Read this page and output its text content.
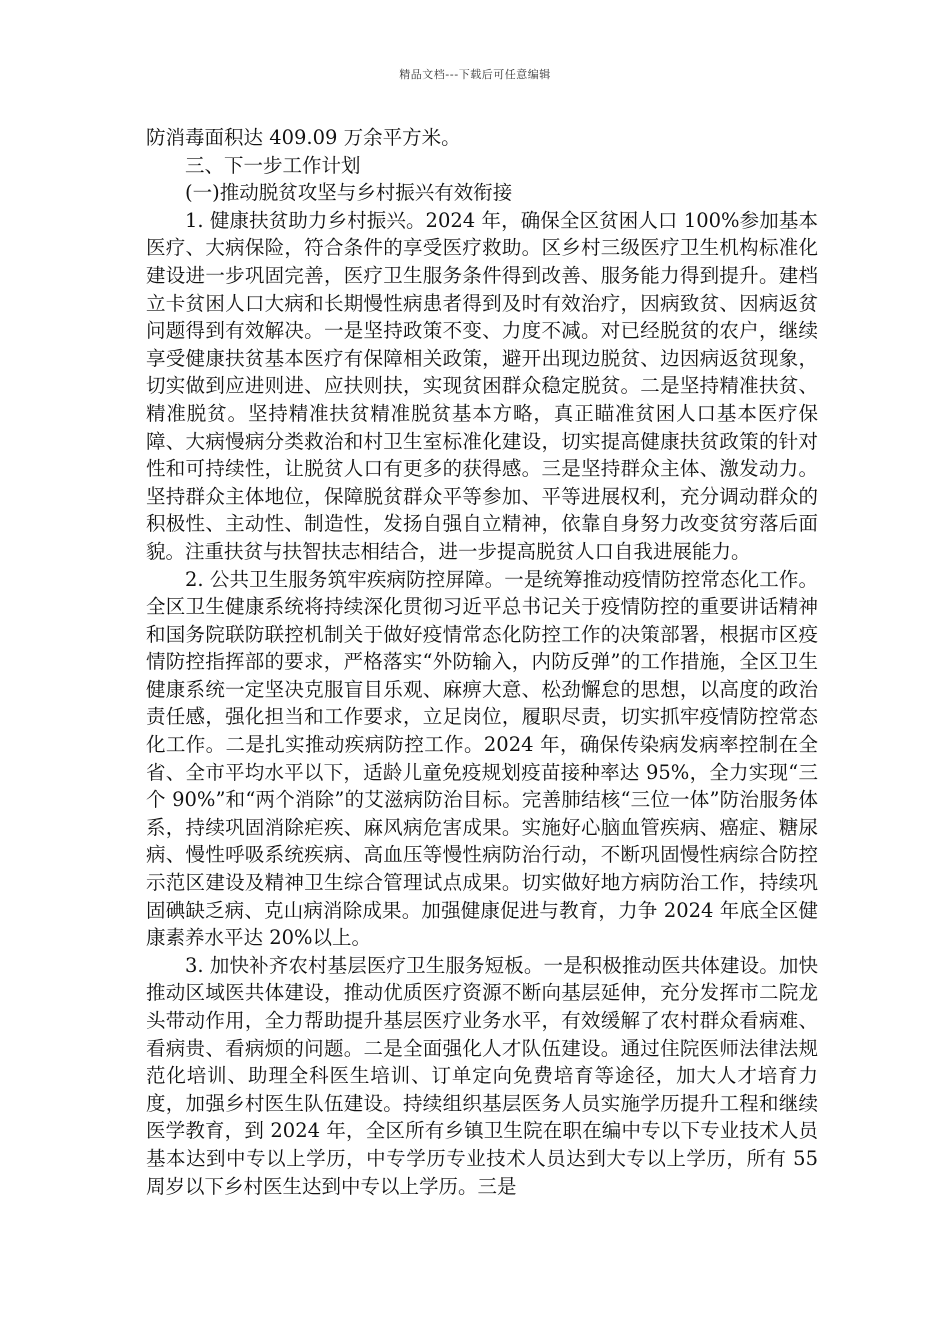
精品文档---下载后可任意编辑

防消毒面积达 409.09 万余平方米。

三、下一步工作计划

(一)推动脱贫攻坚与乡村振兴有效衔接

1. 健康扶贫助力乡村振兴。2024 年，确保全区贫困人口 100%参加基本医疗、大病保险，符合条件的享受医疗救助。区乡村三级医疗卫生机构标准化建设进一步巩固完善，医疗卫生服务条件得到改善、服务能力得到提升。建档立卡贫困人口大病和长期慢性病患者得到及时有效治疗，因病致贫、因病返贫问题得到有效解决。一是坚持政策不变、力度不减。对已经脱贫的农户，继续享受健康扶贫基本医疗有保障相关政策，避开出现边脱贫、边因病返贫现象，切实做到应进则进、应扶则扶，实现贫困群众稳定脱贫。二是坚持精准扶贫、精准脱贫。坚持精准扶贫精准脱贫基本方略，真正瞄准贫困人口基本医疗保障、大病慢病分类救治和村卫生室标准化建设，切实提高健康扶贫政策的针对性和可持续性，让脱贫人口有更多的获得感。三是坚持群众主体、激发动力。坚持群众主体地位，保障脱贫群众平等参加、平等进展权利，充分调动群众的积极性、主动性、制造性，发扬自强自立精神，依靠自身努力改变贫穷落后面貌。注重扶贫与扶智扶志相结合，进一步提高脱贫人口自我进展能力。

2. 公共卫生服务筑牢疾病防控屏障。一是统筹推动疫情防控常态化工作。全区卫生健康系统将持续深化贯彻习近平总书记关于疫情防控的重要讲话精神和国务院联防联控机制关于做好疫情常态化防控工作的决策部署，根据市区疫情防控指挥部的要求，严格落实“外防输入，内防反弹”的工作措施，全区卫生健康系统一定坚决克服盲目乐观、麻痹大意、松劲懈怠的思想，以高度的政治责任感，强化担当和工作要求，立足岗位，履职尽责，切实抓牢疫情防控常态化工作。二是扎实推动疾病防控工作。2024 年，确保传染病发病率控制在全省、全市平均水平以下，适龄儿童免疫规划疫苗接种率达 95%，全力实现“三个 90%”和“两个消除”的艾滋病防治目标。完善肺结核“三位一体”防治服务体系，持续巩固消除疟疾、麻风病危害成果。实施好心脑血管疾病、癌症、糖尿病、慢性呼吸系统疾病、高血压等慢性病防治行动，不断巩固慢性病综合防控示范区建设及精神卫生综合管理试点成果。切实做好地方病防治工作，持续巩固碘缺乏病、克山病消除成果。加强健康促进与教育，力争 2024 年底全区健康素养水平达 20%以上。

3. 加快补齐农村基层医疗卫生服务短板。一是积极推动医共体建设。加快推动区域医共体建设，推动优质医疗资源不断向基层延伸，充分发挥市二院龙头带动作用，全力帮助提升基层医疗业务水平，有效缓解了农村群众看病难、看病贵、看病烦的问题。二是全面强化人才队伍建设。通过住院医师法律法规范化培训、助理全科医生培训、订单定向免费培育等途径，加大人才培育力度，加强乡村医生队伍建设。持续组织基层医务人员实施学历提升工程和继续医学教育，到 2024 年，全区所有乡镇卫生院在职在编中专以下专业技术人员基本达到中专以上学历，中专学历专业技术人员达到大专以上学历，所有 55 周岁以下乡村医生达到中专以上学历。三是
